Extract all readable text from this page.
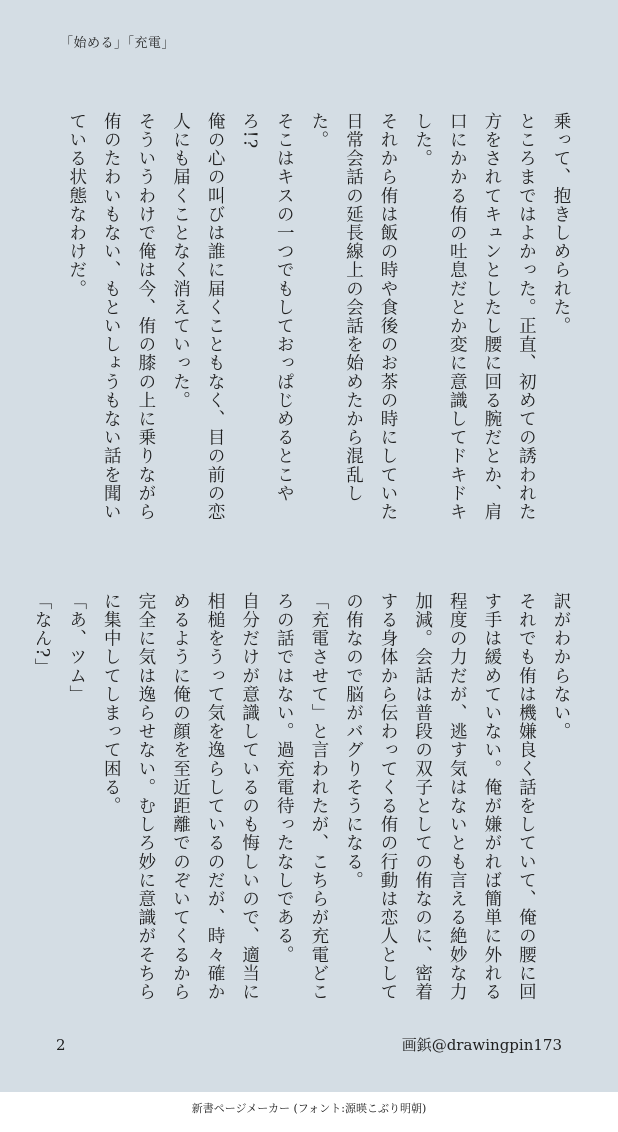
「始める」「充電」

乗って、抱きしめられた。

ところまではよかった。正直、初めての誘われた方をされてキュンとしたし腰に回る腕だとか、肩口にかかる侑の吐息だとか変に意識してドキドキした。

それから侑は飯の時や食後のお茶の時にしていた日常会話の延長線上の会話を始めたから混乱した。

そこはキスの一つでもしておっぱじめるとこやろ!?

俺の心の叫びは誰に届くこともなく、目の前の恋人にも届くことなく消えていった。

そういうわけで俺は今、侑の膝の上に乗りながら侑のたわいもない、もといしょうもない話を聞いている状態なわけだ。

訳がわからない。

それでも侑は機嫌良く話をしていて、俺の腰に回す手は緩めていない。俺が嫌がれば簡単に外れる程度の力だが、逃す気はないとも言える絶妙な力加減。会話は普段の双子としての侑なのに、密着する身体から伝わってくる侑の行動は恋人としての侑なので脳がバグりそうになる。

「充電させて」と言われたが、こちらが充電どころの話ではない。過充電待ったなしである。

自分だけが意識しているのも悔しいので、適当に相槌をうって気を逸らしているのだが、時々確かめるように俺の顔を至近距離でのぞいてくるから完全に気は逸らせない。むしろ妙に意識がそちらに集中してしまって困る。

「あ、ツム」

「なん?」

2	画鋲@drawingpin173
新書ページメーカー (フォント:源暎こぶり明朝)
